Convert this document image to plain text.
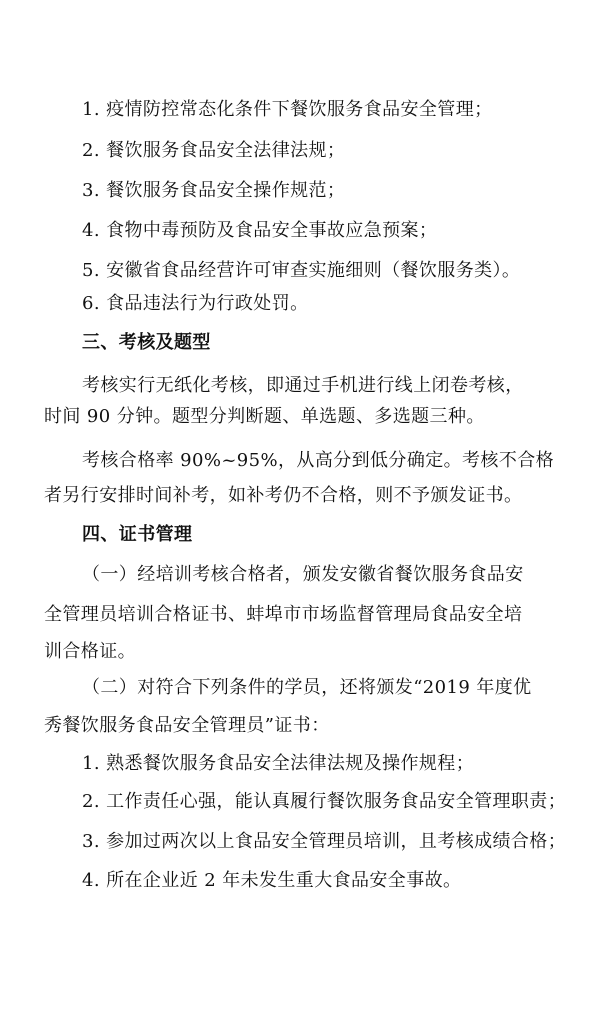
1. 疫情防控常态化条件下餐饮服务食品安全管理；
2. 餐饮服务食品安全法律法规；
3. 餐饮服务食品安全操作规范；
4. 食物中毒预防及食品安全事故应急预案；
5. 安徽省食品经营许可审查实施细则（餐饮服务类）。
6. 食品违法行为行政处罚。
三、考核及题型
考核实行无纸化考核，即通过手机进行线上闭卷考核，
时间 90 分钟。题型分判断题、单选题、多选题三种。
考核合格率 90%~95%，从高分到低分确定。考核不合格
者另行安排时间补考，如补考仍不合格，则不予颁发证书。
四、证书管理
（一）经培训考核合格者，颁发安徽省餐饮服务食品安
全管理员培训合格证书、蚌埠市市场监督管理局食品安全培
训合格证。
（二）对符合下列条件的学员，还将颁发“2019 年度优
秀餐饮服务食品安全管理员”证书：
1. 熟悉餐饮服务食品安全法律法规及操作规程；
2. 工作责任心强，能认真履行餐饮服务食品安全管理职责；
3. 参加过两次以上食品安全管理员培训，且考核成绩合格；
4. 所在企业近 2 年未发生重大食品安全事故。
